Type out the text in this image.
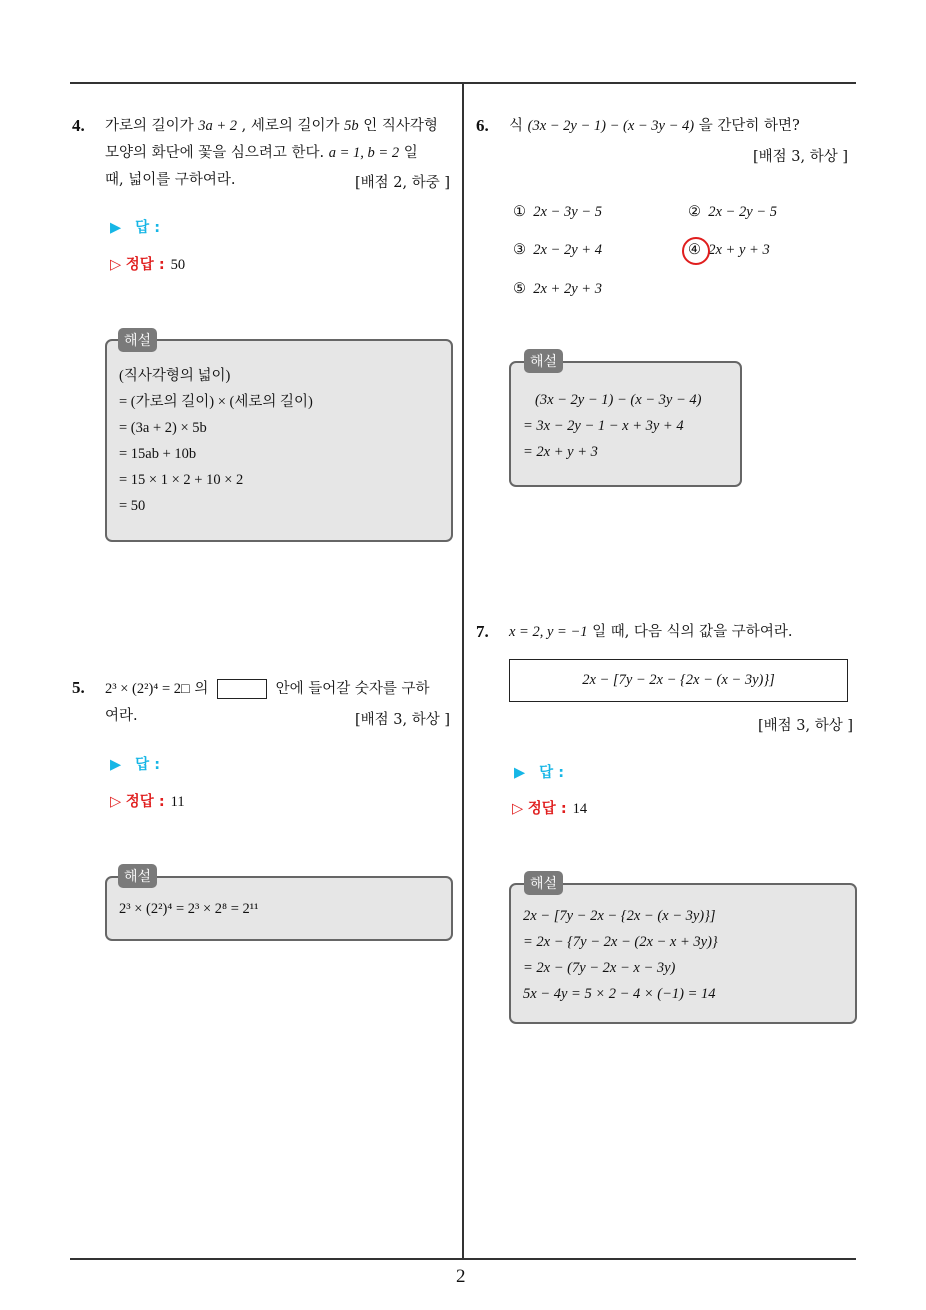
2
4. 가로의 길이가 3a + 2 , 세로의 길이가 5b 인 직사각형
모양의 화단에 꽃을 심으려고 한다. a = 1, b = 2 일
때, 넓이를 구하여라.	[배점 2, 하중 ]
▶ 답 :
▷ 정답 : 50
(직사각형의 넓이)
= (가로의 길이) × (세로의 길이)
= (3a + 2) × 5b
= 15ab + 10b
= 15 × 1 × 2 + 10 × 2
= 50
해설
5. 2³ × (2²)⁴ = 2□ 의	안에 들어갈 숫자를 구하
여라.	[배점 3, 하상 ]
▶ 답 :
▷ 정답 : 11
2³ × (2²)⁴ = 2³ × 2⁸ = 2¹¹
해설
6. 식 (3x − 2y − 1) − (x − 3y − 4) 을 간단히 하면?
[배점 3, 하상 ]
① 2x − 3y − 5	② 2x − 2y − 5
③ 2x − 2y + 4	④ 2x + y + 3
⑤ 2x + 2y + 3
(3x − 2y − 1) − (x − 3y − 4)
= 3x − 2y − 1 − x + 3y + 4
= 2x + y + 3
해설
7. x = 2, y = −1 일 때, 다음 식의 값을 구하여라.
2x − [7y − 2x − {2x − (x − 3y)}]
[배점 3, 하상 ]
▶ 답 :
▷ 정답 : 14
2x − [7y − 2x − {2x − (x − 3y)}]
= 2x − {7y − 2x − (2x − x + 3y)}
= 2x − (7y − 2x − x − 3y)
5x − 4y = 5 × 2 − 4 × (−1) = 14
해설
